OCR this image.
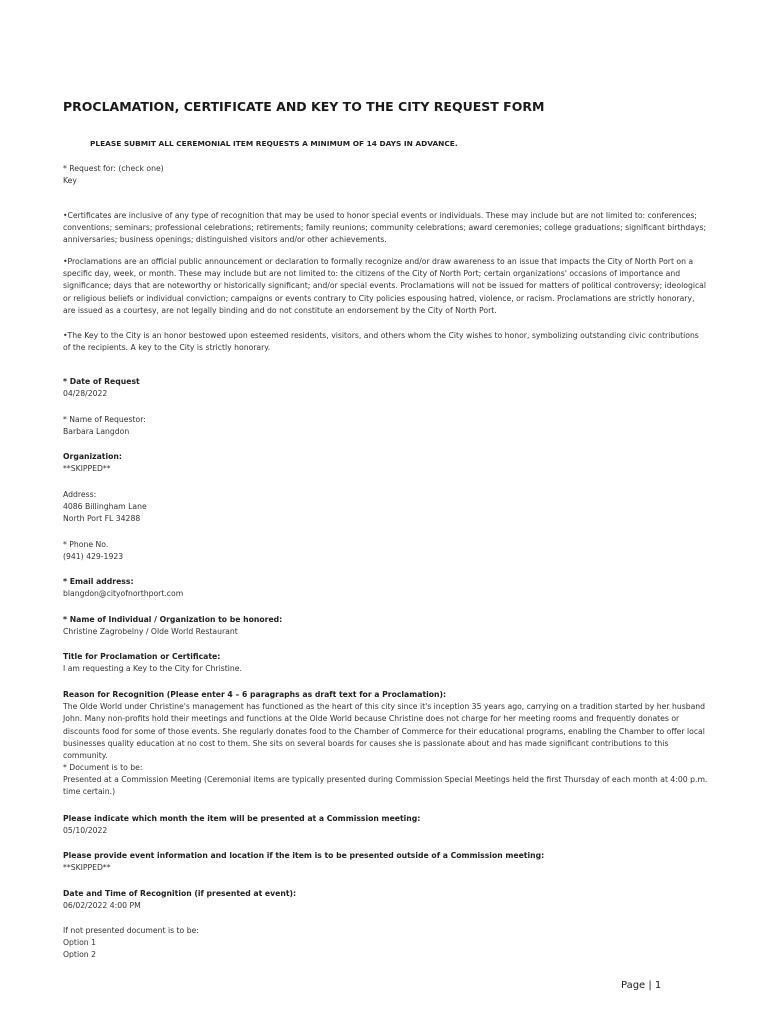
PROCLAMATION, CERTIFICATE AND KEY TO THE CITY REQUEST FORM
PLEASE SUBMIT ALL CEREMONIAL ITEM REQUESTS A MINIMUM OF 14 DAYS IN ADVANCE.
* Request for: (check one)
Key
•Certificates are inclusive of any type of recognition that may be used to honor special events or individuals. These may include but are not limited to: conferences; conventions; seminars; professional celebrations; retirements; family reunions; community celebrations; award ceremonies; college graduations; significant birthdays; anniversaries; business openings; distinguished visitors and/or other achievements.
•Proclamations are an official public announcement or declaration to formally recognize and/or draw awareness to an issue that impacts the City of North Port on a specific day, week, or month. These may include but are not limited to: the citizens of the City of North Port; certain organizations' occasions of importance and significance; days that are noteworthy or historically significant; and/or special events. Proclamations will not be issued for matters of political controversy; ideological or religious beliefs or individual conviction; campaigns or events contrary to City policies espousing hatred, violence, or racism. Proclamations are strictly honorary, are issued as a courtesy, are not legally binding and do not constitute an endorsement by the City of North Port.
•The Key to the City is an honor bestowed upon esteemed residents, visitors, and others whom the City wishes to honor, symbolizing outstanding civic contributions of the recipients. A key to the City is strictly honorary.
* Date of Request
04/28/2022
* Name of Requestor:
Barbara Langdon
Organization:
**SKIPPED**
Address:
4086 Billingham Lane
North Port FL 34288
* Phone No.
(941) 429-1923
* Email address:
blangdon@cityofnorthport.com
* Name of Individual / Organization to be honored:
Christine Zagrobelny / Olde World Restaurant
Title for Proclamation or Certificate:
I am requesting a Key to the City for Christine.
Reason for Recognition (Please enter 4 – 6 paragraphs as draft text for a Proclamation):
The Olde World under Christine's management has functioned as the heart of this city since it's inception 35 years ago, carrying on a tradition started by her husband John. Many non-profits hold their meetings and functions at the Olde World because Christine does not charge for her meeting rooms and frequently donates or discounts food for some of those events. She regularly donates food to the Chamber of Commerce for their educational programs, enabling the Chamber to offer local businesses quality education at no cost to them. She sits on several boards for causes she is passionate about and has made significant contributions to this community.
* Document is to be:
Presented at a Commission Meeting (Ceremonial items are typically presented during Commission Special Meetings held the first Thursday of each month at 4:00 p.m. time certain.)
Please indicate which month the item will be presented at a Commission meeting:
05/10/2022
Please provide event information and location if the item is to be presented outside of a Commission meeting:
**SKIPPED**
Date and Time of Recognition (if presented at event):
06/02/2022 4:00 PM
If not presented document is to be:
Option 1
Option 2
Page | 1
